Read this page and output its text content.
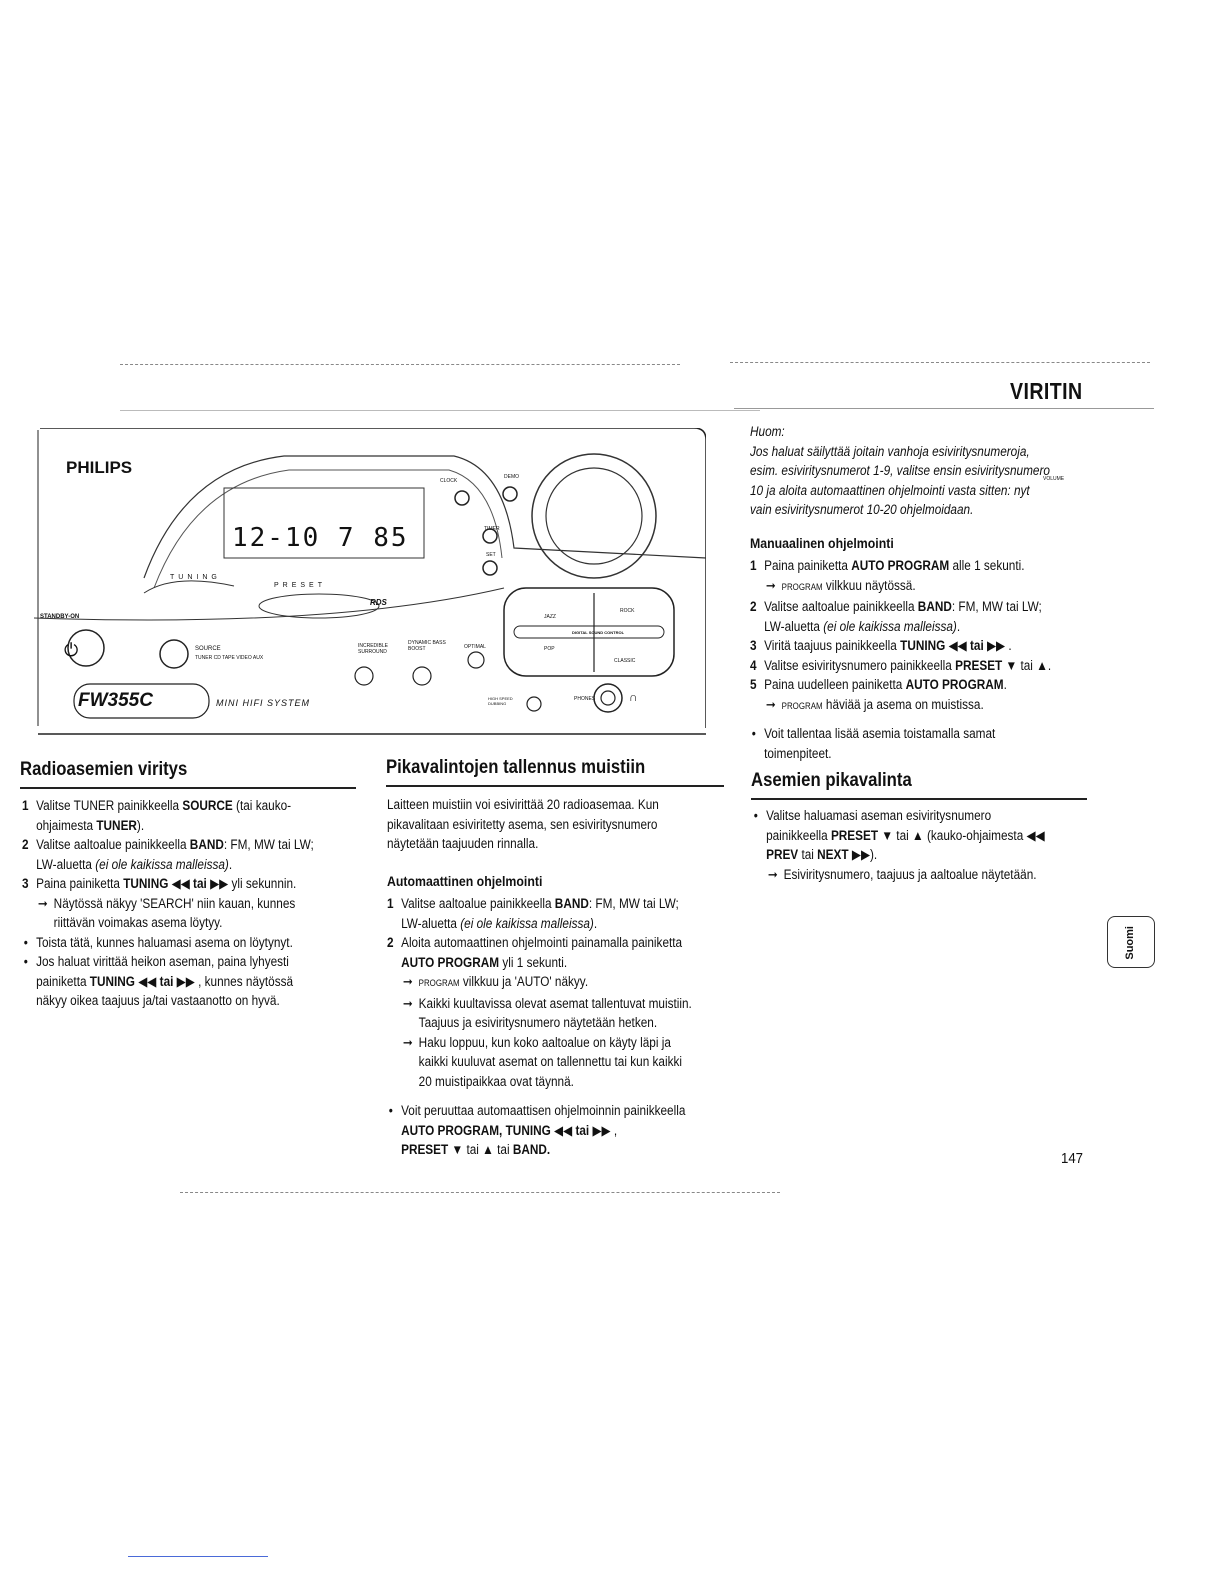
VIRITIN
PHILIPS
12-10 7 85
TUNING
PRESET
RDS
STANDBY-ON
⏻	SOURCE
TUNER CD TAPE VIDEO AUX
VOLUME
CLOCK
DEMO
TIMER
SET
INCREDIBLE SURROUND
DYNAMIC BASS BOOST	OPTIMAL
DIGITAL SOUND CONTROL
JAZZ
ROCK
POP
CLASSIC
FW355C	MINI HIFI SYSTEM	HIGH SPEED DUBBING
PHONES	∩
Radioasemien viritys
1 Valitse TUNER painikkeella SOURCE (tai kauko-
ohjaimesta TUNER).
2 Valitse aaltoalue painikkeella BAND: FM, MW tai LW;
LW-aluetta (ei ole kaikissa malleissa).
3 Paina painiketta TUNING ◀◀ tai ▶▶ yli sekunnin.
➞ Näytössä näkyy 'SEARCH' niin kauan, kunnes
riittävän voimakas asema löytyy.
• Toista tätä, kunnes haluamasi asema on löytynyt.
• Jos haluat virittää heikon aseman, paina lyhyesti
painiketta TUNING ◀◀ tai ▶▶ , kunnes näytössä
näkyy oikea taajuus ja/tai vastaanotto on hyvä.
Pikavalintojen tallennus muistiin
Laitteen muistiin voi esivirittää 20 radioasemaa. Kun
pikavalitaan esiviritetty asema, sen esiviritysnumero
näytetään taajuuden rinnalla.
Automaattinen ohjelmointi
1 Valitse aaltoalue painikkeella BAND: FM, MW tai LW;
LW-aluetta (ei ole kaikissa malleissa).
2 Aloita automaattinen ohjelmointi painamalla painiketta
AUTO PROGRAM yli 1 sekunti.
➞ PROGRAM vilkkuu ja 'AUTO' näkyy.
➞ Kaikki kuultavissa olevat asemat tallentuvat muistiin.
Taajuus ja esiviritysnumero näytetään hetken.
➞ Haku loppuu, kun koko aaltoalue on käyty läpi ja
kaikki kuuluvat asemat on tallennettu tai kun kaikki
20 muistipaikkaa ovat täynnä.
• Voit peruuttaa automaattisen ohjelmoinnin painikkeella
AUTO PROGRAM, TUNING ◀◀ tai ▶▶ ,
PRESET ▼ tai ▲ tai BAND.
Huom:
Jos haluat säilyttää joitain vanhoja esiviritysnumeroja,
esim. esiviritysnumerot 1-9, valitse ensin esiviritysnumero
10 ja aloita automaattinen ohjelmointi vasta sitten: nyt
vain esiviritysnumerot 10-20 ohjelmoidaan.
Manuaalinen ohjelmointi
1 Paina painiketta AUTO PROGRAM alle 1 sekunti.
➞ PROGRAM vilkkuu näytössä.
2 Valitse aaltoalue painikkeella BAND: FM, MW tai LW;
LW-aluetta (ei ole kaikissa malleissa).
3 Viritä taajuus painikkeella TUNING ◀◀ tai ▶▶ .
4 Valitse esiviritysnumero painikkeella PRESET ▼ tai ▲.
5 Paina uudelleen painiketta AUTO PROGRAM.
➞ PROGRAM häviää ja asema on muistissa.
• Voit tallentaa lisää asemia toistamalla samat
toimenpiteet.
Asemien pikavalinta
• Valitse haluamasi aseman esiviritysnumero
painikkeella PRESET ▼ tai ▲ (kauko-ohjaimesta ◀◀
PREV tai NEXT ▶▶).
➞ Esiviritysnumero, taajuus ja aaltoalue näytetään.
Suomi
147
